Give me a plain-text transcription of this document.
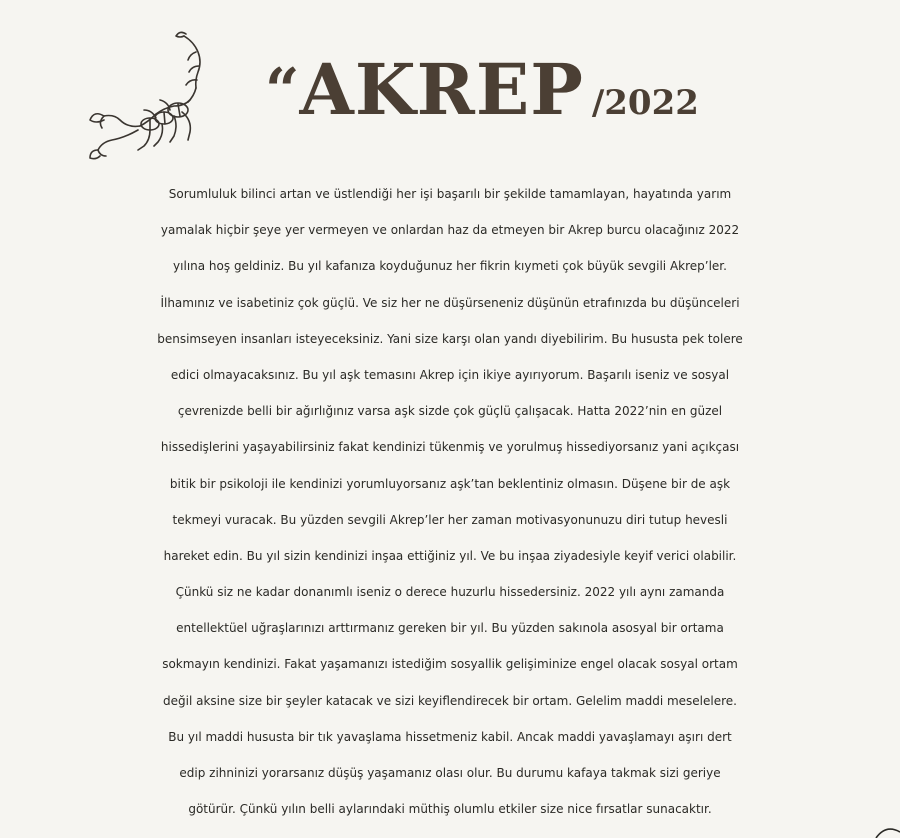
“AKREP /2022
Sorumluluk bilinci artan ve üstlendiği her işi başarılı bir şekilde tamamlayan, hayatında yarım
yamalak hiçbir şeye yer vermeyen ve onlardan haz da etmeyen bir Akrep burcu olacağınız 2022
yılına hoş geldiniz. Bu yıl kafanıza koyduğunuz her fikrin kıymeti çok büyük sevgili Akrep’ler.
İlhamınız ve isabetiniz çok güçlü. Ve siz her ne düşürseneniz düşünün etrafınızda bu düşünceleri
bensimseyen insanları isteyeceksiniz. Yani size karşı olan yandı diyebilirim. Bu hususta pek tolere
edici olmayacaksınız. Bu yıl aşk temasını Akrep için ikiye ayırıyorum. Başarılı iseniz ve sosyal
çevrenizde belli bir ağırlığınız varsa aşk sizde çok güçlü çalışacak. Hatta 2022’nin en güzel
hissedişlerini yaşayabilirsiniz fakat kendinizi tükenmiş ve yorulmuş hissediyorsanız yani açıkçası
bitik bir psikoloji ile kendinizi yorumluyorsanız aşk’tan beklentiniz olmasın. Düşene bir de aşk
tekmeyi vuracak. Bu yüzden sevgili Akrep’ler her zaman motivasyonunuzu diri tutup hevesli
hareket edin. Bu yıl sizin kendinizi inşaa ettiğiniz yıl. Ve bu inşaa ziyadesiyle keyif verici olabilir.
Çünkü siz ne kadar donanımlı iseniz o derece huzurlu hissedersiniz. 2022 yılı aynı zamanda
entellektüel uğraşlarınızı arttırmanız gereken bir yıl. Bu yüzden sakınola asosyal bir ortama
sokmayın kendinizi. Fakat yaşamanızı istediğim sosyallik gelişiminize engel olacak sosyal ortam
değil aksine size bir şeyler katacak ve sizi keyiflendirecek bir ortam. Gelelim maddi meselelere.
Bu yıl maddi hususta bir tık yavaşlama hissetmeniz kabil. Ancak maddi yavaşlamayı aşırı dert
edip zihninizi yorarsanız düşüş yaşamanız olası olur. Bu durumu kafaya takmak sizi geriye
götürür. Çünkü yılın belli aylarındaki müthiş olumlu etkiler size nice fırsatlar sunacaktır.
